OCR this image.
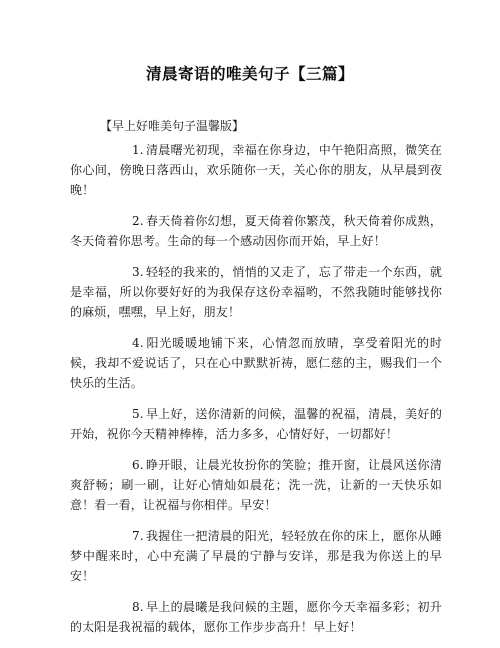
清晨寄语的唯美句子【三篇】
【早上好唯美句子温馨版】

1. 清晨曙光初现，幸福在你身边，中午艳阳高照，微笑在你心间，傍晚日落西山，欢乐随你一天，关心你的朋友，从早晨到夜晚！

2. 春天倚着你幻想，夏天倚着你繁茂，秋天倚着你成熟，冬天倚着你思考。生命的每一个感动因你而开始，早上好！

3. 轻轻的我来的，悄悄的又走了，忘了带走一个东西，就是幸福，所以你要好好的为我保存这份幸福哟，不然我随时能够找你的麻烦，嘿嘿，早上好，朋友！

4. 阳光暖暖地铺下来，心情忽而放晴，享受着阳光的时候，我却不爱说话了，只在心中默默祈祷，愿仁慈的主，赐我们一个快乐的生活。

5. 早上好，送你清新的问候，温馨的祝福，清晨，美好的开始，祝你今天精神棒棒，活力多多，心情好好，一切都好！

6. 睁开眼，让晨光妆扮你的笑脸；推开窗，让晨风送你清爽舒畅；刷一刷，让好心情灿如晨花；洗一洗，让新的一天快乐如意！看一看，让祝福与你相伴。早安！

7. 我握住一把清晨的阳光，轻轻放在你的床上，愿你从睡梦中醒来时，心中充满了早晨的宁静与安详，那是我为你送上的早安！

8. 早上的晨曦是我问候的主题，愿你今天幸福多彩；初升的太阳是我祝福的载体，愿你工作步步高升！早上好！
